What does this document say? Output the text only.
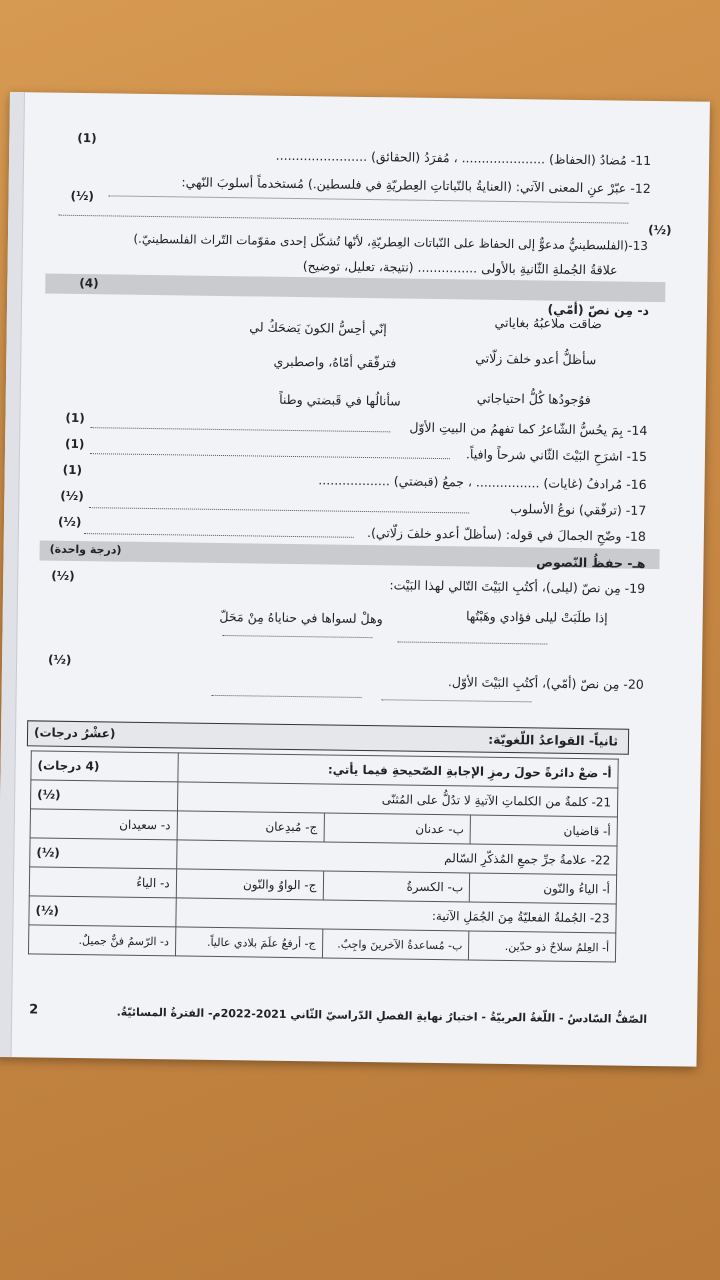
(1)
11- مُضادُ (الحفاظ) ..................... ، مُفرَدُ (الحقائق) .......................
12- عبّرْ عنِ المعنى الآتي: (العنايةُ بالنّباتاتِ العِطريّةِ في فلسطين.) مُستخدماً أسلوبَ النّهي:
(½)
(½)
13-(الفلسطينيُّ مدعوٌّ إلى الحفاظ على النّباتات العِطريّةِ، لأنّها تُشكّل إحدى مقوّمات التّراث الفلسطينيّ.)
علاقةُ الجُملةِ الثّانيةِ بالأولى ............... (نتيجة، تعليل، توضيح)
(4)
د- مِن نصّ (أمّي)
إنّي أحِسُّ الكونَ يَضحَكُ لي	ضاقت ملاعبُهُ بغاياتي
فترفّقي أمّاهُ، واصطبري	سأظلُّ أعدو خلفَ زلّاتي
سأنالُها في قَبضتي وطناً	فوُجودُها كُلُّ احتياجاتي
(1)
14- بِمَ يحُسُّ الشّاعرُ كما تفهمُ من البيتِ الأوّل
(1)
15- اشرَحِ البَيْتَ الثّاني شرحاً وافياً.
(1)
16- مُرادفُ (غايات) ................ ، جمعُ (قبضتي) ..................
(½)
17- (ترفّقي) نوعُ الأسلوب
(½)
18- وضّحِ الجمالَ في قوله: (سأظلّ أعدو خلفَ زلّاتي).
(درجة واحدة)
هـ- حفظُ النّصوص
(½)
19- مِن نصّ (ليلى)، أكتُبِ البَيْتَ التّالي لهذا البَيْت:
إذا طلَبَتْ ليلى فؤادي وهَبْتُها
وهلْ لسواها في حناياهُ مِنْ مَحَلّ
(½)
20- مِن نصّ (أمّي)، أكتُبِ البَيْتَ الأوّل.
ثانياً- القواعدُ اللّغويّة:
(عشْرُ درجات)
أ- ضعْ دائرةً حولَ رمزِ الإجابةِ الصّحيحةِ فيما يأتي:			(4 درجات)
21- كلمةٌ من الكلماتِ الآتيةِ لا تدُلُّ على المُثنّى			(½)
أ- قاضيان	ب- عدنان	ج- مُبدِعان	د- سعيدان
22- علامةُ جرِّ جمعِ المُذكّرِ السّالم			(½)
أ- الياءُ والنّون	ب- الكسرةُ	ج- الواوُ والنّون	د- الياءُ
23- الجُملةُ الفعليّةُ مِنَ الجُمَلِ الآتية:			(½)
أ- العِلمُ سلاحٌ ذو حدّين.	ب- مُساعدةُ الآخرينَ واجِبٌ.	ج- أرفعُ علَمَ بلادي عالياً.	د- الرّسمُ فنٌّ جميلٌ.
الصّفُّ السّادسُ - اللّغةُ العربيّةُ - اختبارُ نهايةِ الفصلِ الدّراسيّ الثّاني 2021-2022م- الفترةُ المسائيّةُ.
2
